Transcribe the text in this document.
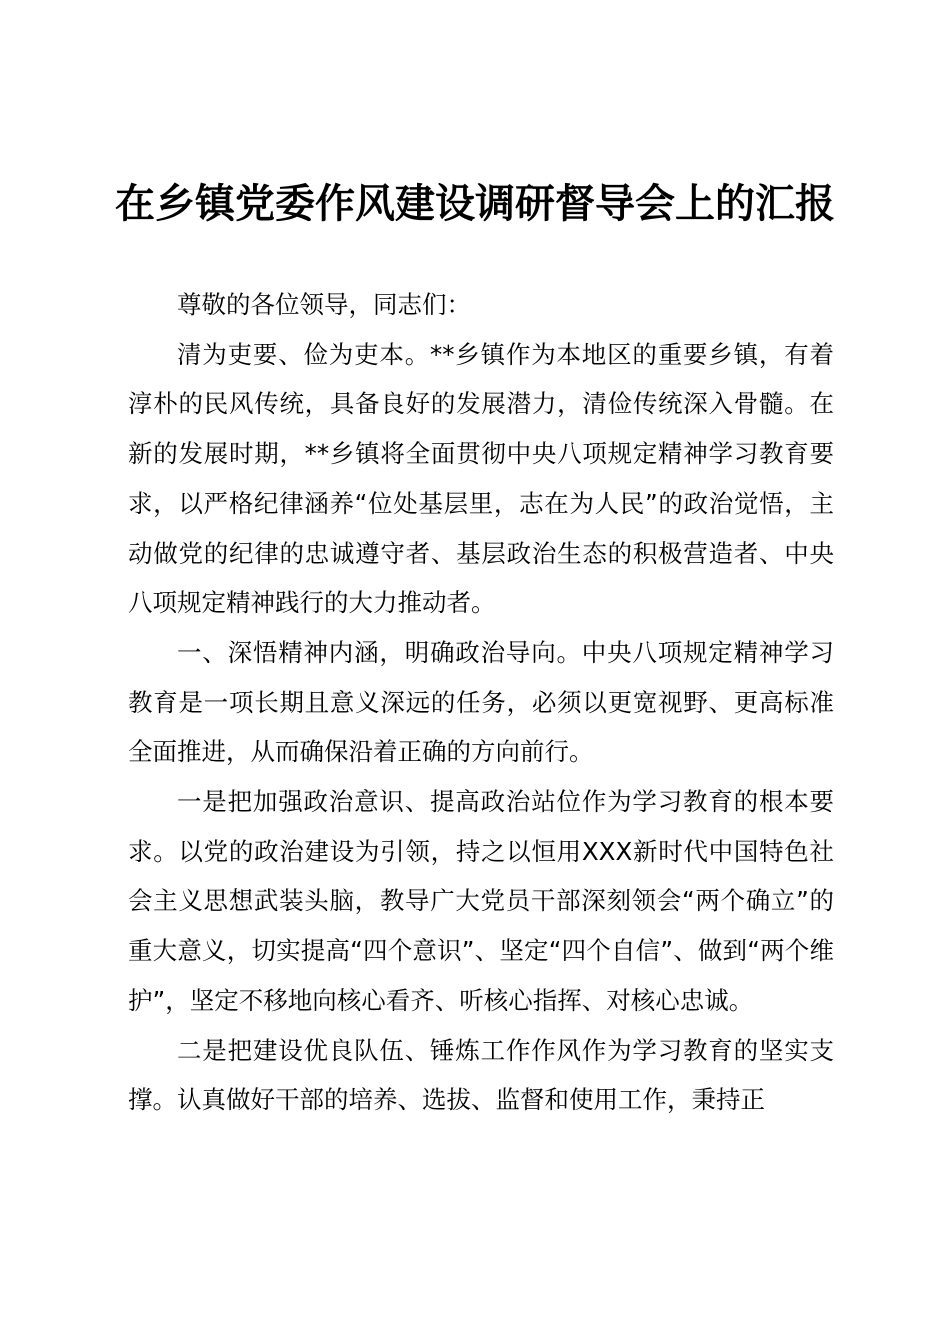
在乡镇党委作风建设调研督导会上的汇报

尊敬的各位领导，同志们：

清为吏要、俭为吏本。**乡镇作为本地区的重要乡镇，有着淳朴的民风传统，具备良好的发展潜力，清俭传统深入骨髓。在新的发展时期，**乡镇将全面贯彻中央八项规定精神学习教育要求，以严格纪律涵养“位处基层里，志在为人民”的政治觉悟，主动做党的纪律的忠诚遵守者、基层政治生态的积极营造者、中央八项规定精神践行的大力推动者。

一、深悟精神内涵，明确政治导向。中央八项规定精神学习教育是一项长期且意义深远的任务，必须以更宽视野、更高标准全面推进，从而确保沿着正确的方向前行。

一是把加强政治意识、提高政治站位作为学习教育的根本要求。以党的政治建设为引领，持之以恒用XXX新时代中国特色社会主义思想武装头脑，教导广大党员干部深刻领会“两个确立”的重大意义，切实提高“四个意识”、坚定“四个自信”、做到“两个维护”，坚定不移地向核心看齐、听核心指挥、对核心忠诚。

二是把建设优良队伍、锤炼工作作风作为学习教育的坚实支撑。认真做好干部的培养、选拔、监督和使用工作，秉持正
